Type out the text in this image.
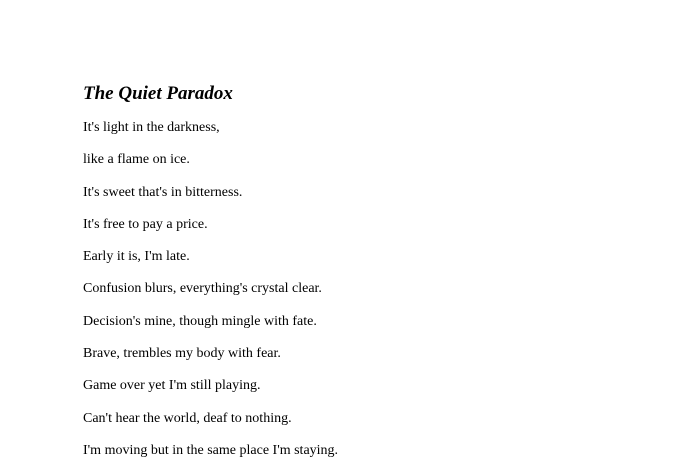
The Quiet Paradox
It's light in the darkness,
like a flame on ice.
It's sweet that's in bitterness.
It's free to pay a price.
Early it is, I'm late.
Confusion blurs, everything's crystal clear.
Decision's mine, though mingle with fate.
Brave, trembles my body with fear.
Game over yet I'm still playing.
Can't hear the world, deaf to nothing.
I'm moving but in the same place I'm staying.
